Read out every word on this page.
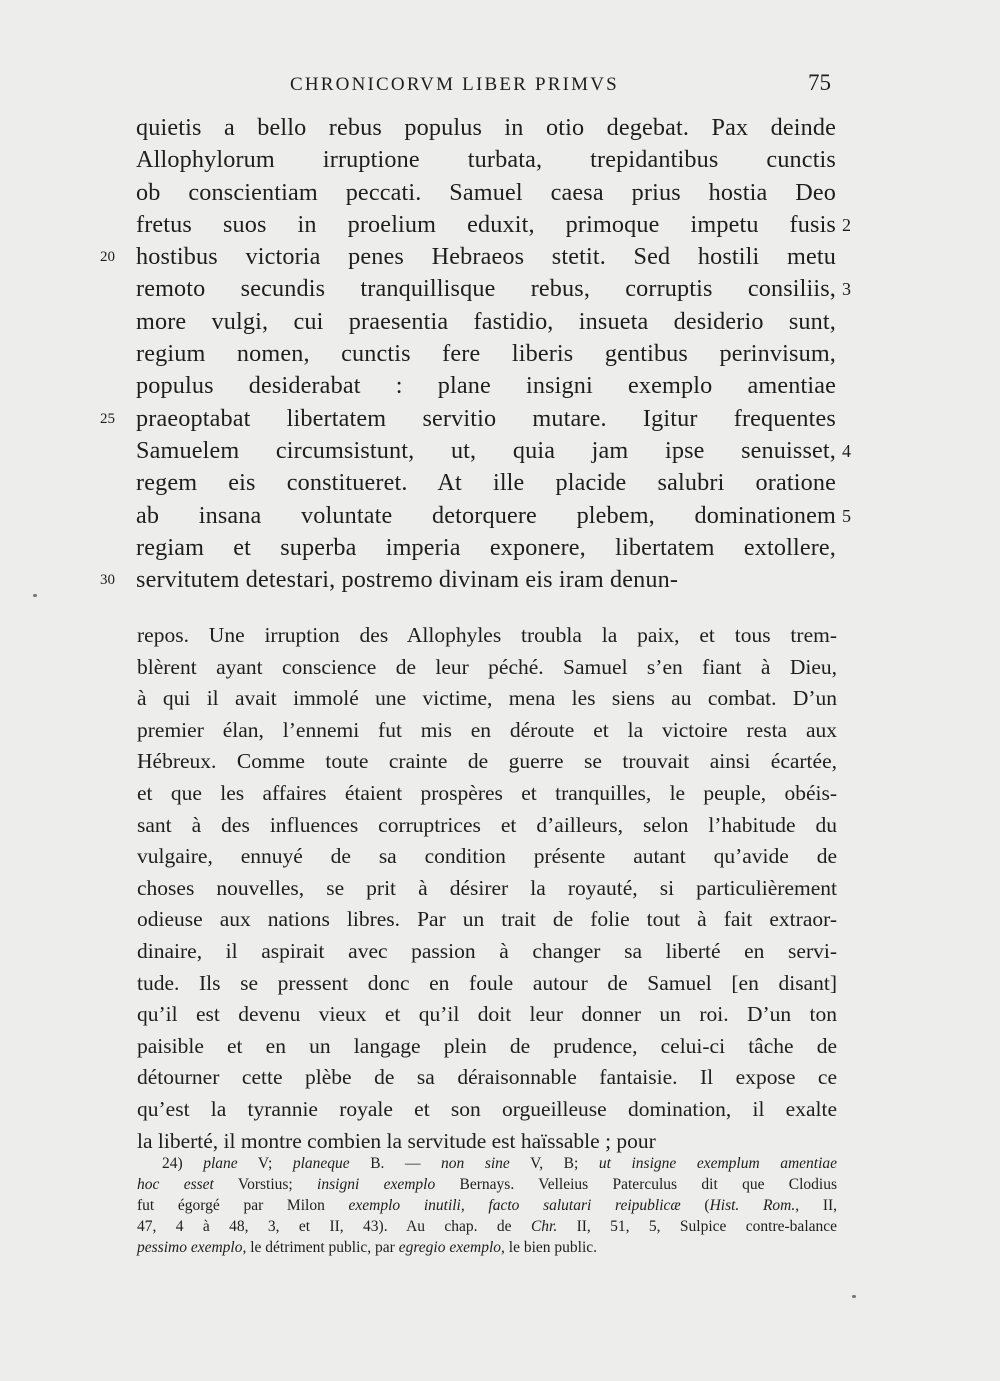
CHRONICORVM LIBER PRIMVS	75
quietis a bello rebus populus in otio degebat. Pax deinde
Allophylorum irruptione turbata, trepidantibus cunctis
ob conscientiam peccati. Samuel caesa prius hostia Deo
fretus suos in proelium eduxit, primoque impetu fusis 2
20 hostibus victoria penes Hebraeos stetit. Sed hostili metu
remoto secundis tranquillisque rebus, corruptis consiliis, 3
more vulgi, cui praesentia fastidio, insueta desiderio sunt,
regium nomen, cunctis fere liberis gentibus perinvisum,
populus desiderabat : plane insigni exemplo amentiae
25 praeoptabat libertatem servitio mutare. Igitur frequentes
Samuelem circumsistunt, ut, quia jam ipse senuisset, 4
regem eis constitueret. At ille placide salubri oratione
ab insana voluntate detorquere plebem, dominationem 5
regiam et superba imperia exponere, libertatem extollere,
30 servitutem detestari, postremo divinam eis iram denun-
repos. Une irruption des Allophyles troubla la paix, et tous trem-
blèrent ayant conscience de leur péché. Samuel s’en fiant à Dieu,
à qui il avait immolé une victime, mena les siens au combat. D’un
premier élan, l’ennemi fut mis en déroute et la victoire resta aux
Hébreux. Comme toute crainte de guerre se trouvait ainsi écartée,
et que les affaires étaient prospères et tranquilles, le peuple, obéis-
sant à des influences corruptrices et d’ailleurs, selon l’habitude du
vulgaire, ennuyé de sa condition présente autant qu’avide de
choses nouvelles, se prit à désirer la royauté, si particulièrement
odieuse aux nations libres. Par un trait de folie tout à fait extraor-
dinaire, il aspirait avec passion à changer sa liberté en servi-
tude. Ils se pressent donc en foule autour de Samuel [en disant]
qu’il est devenu vieux et qu’il doit leur donner un roi. D’un ton
paisible et en un langage plein de prudence, celui-ci tâche de
détourner cette plèbe de sa déraisonnable fantaisie. Il expose ce
qu’est la tyrannie royale et son orgueilleuse domination, il exalte
la liberté, il montre combien la servitude est haïssable ; pour
24) plane V; planeque B. — non sine V, B; ut insigne exemplum amentiae
hoc esset Vorstius; insigni exemplo Bernays. Velleius Paterculus dit que Clodius
fut égorgé par Milon exemplo inutili, facto salutari reipublicæ (Hist. Rom., II,
47, 4 à 48, 3, et II, 43). Au chap. de Chr. II, 51, 5, Sulpice contre-balance
pessimo exemplo, le détriment public, par egregio exemplo, le bien public.
